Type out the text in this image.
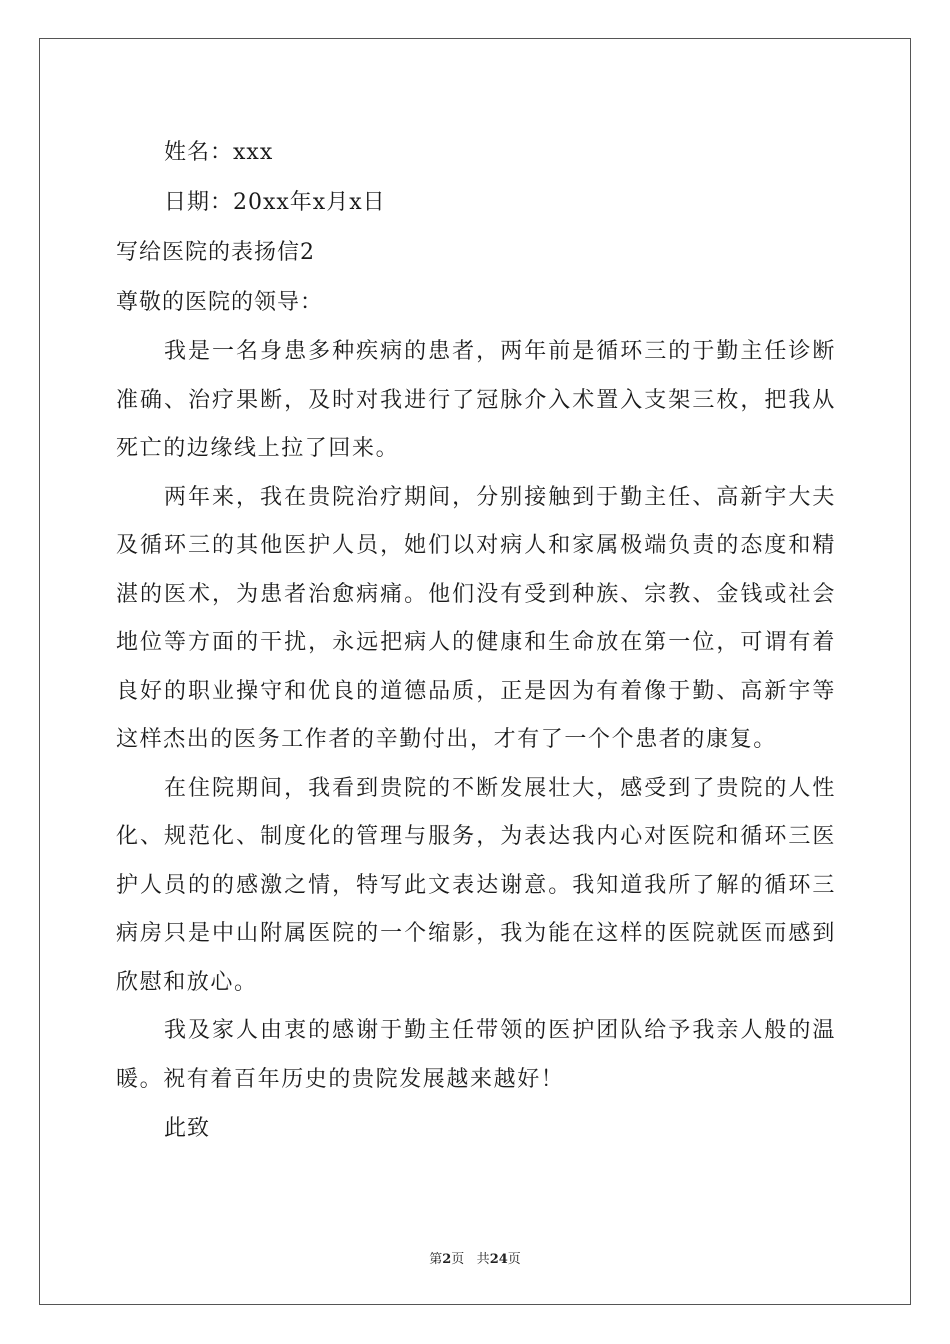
姓名：xxx
日期：20xx年x月x日
写给医院的表扬信2
尊敬的医院的领导：

我是一名身患多种疾病的患者，两年前是循环三的于勤主任诊断准确、治疗果断，及时对我进行了冠脉介入术置入支架三枚，把我从死亡的边缘线上拉了回来。

两年来，我在贵院治疗期间，分别接触到于勤主任、高新宇大夫及循环三的其他医护人员，她们以对病人和家属极端负责的态度和精湛的医术，为患者治愈病痛。他们没有受到种族、宗教、金钱或社会地位等方面的干扰，永远把病人的健康和生命放在第一位，可谓有着良好的职业操守和优良的道德品质，正是因为有着像于勤、高新宇等这样杰出的医务工作者的辛勤付出，才有了一个个患者的康复。

在住院期间，我看到贵院的不断发展壮大，感受到了贵院的人性化、规范化、制度化的管理与服务，为表达我内心对医院和循环三医护人员的的感激之情，特写此文表达谢意。我知道我所了解的循环三病房只是中山附属医院的一个缩影，我为能在这样的医院就医而感到欣慰和放心。

我及家人由衷的感谢于勤主任带领的医护团队给予我亲人般的温暖。祝有着百年历史的贵院发展越来越好！

此致
第2页 共24页
